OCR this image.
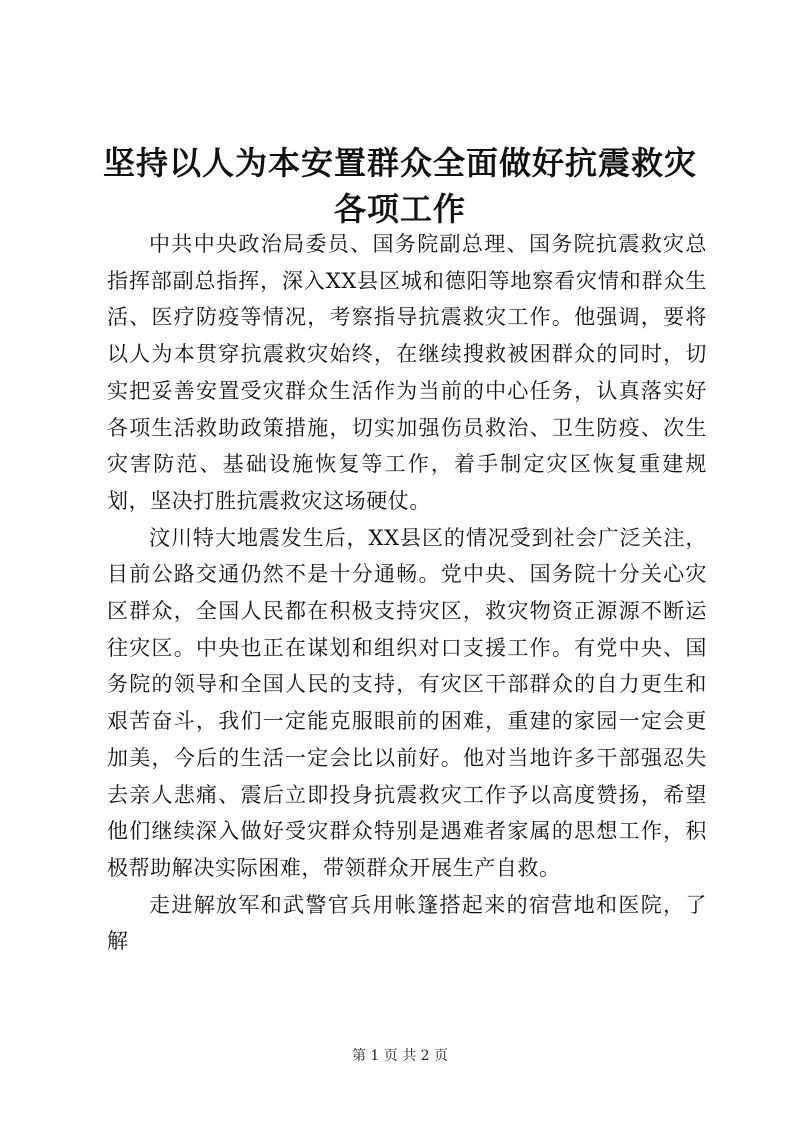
坚持以人为本安置群众全面做好抗震救灾各项工作

中共中央政治局委员、国务院副总理、国务院抗震救灾总指挥部副总指挥，深入XX县区城和德阳等地察看灾情和群众生活、医疗防疫等情况，考察指导抗震救灾工作。他强调，要将以人为本贯穿抗震救灾始终，在继续搜救被困群众的同时，切实把妥善安置受灾群众生活作为当前的中心任务，认真落实好各项生活救助政策措施，切实加强伤员救治、卫生防疫、次生灾害防范、基础设施恢复等工作，着手制定灾区恢复重建规划，坚决打胜抗震救灾这场硬仗。

汶川特大地震发生后，XX县区的情况受到社会广泛关注，目前公路交通仍然不是十分通畅。党中央、国务院十分关心灾区群众，全国人民都在积极支持灾区，救灾物资正源源不断运往灾区。中央也正在谋划和组织对口支援工作。有党中央、国务院的领导和全国人民的支持，有灾区干部群众的自力更生和艰苦奋斗，我们一定能克服眼前的困难，重建的家园一定会更加美，今后的生活一定会比以前好。他对当地许多干部强忍失去亲人悲痛、震后立即投身抗震救灾工作予以高度赞扬，希望他们继续深入做好受灾群众特别是遇难者家属的思想工作，积极帮助解决实际困难，带领群众开展生产自救。

走进解放军和武警官兵用帐篷搭起来的宿营地和医院，了解

第 1 页 共 2 页
